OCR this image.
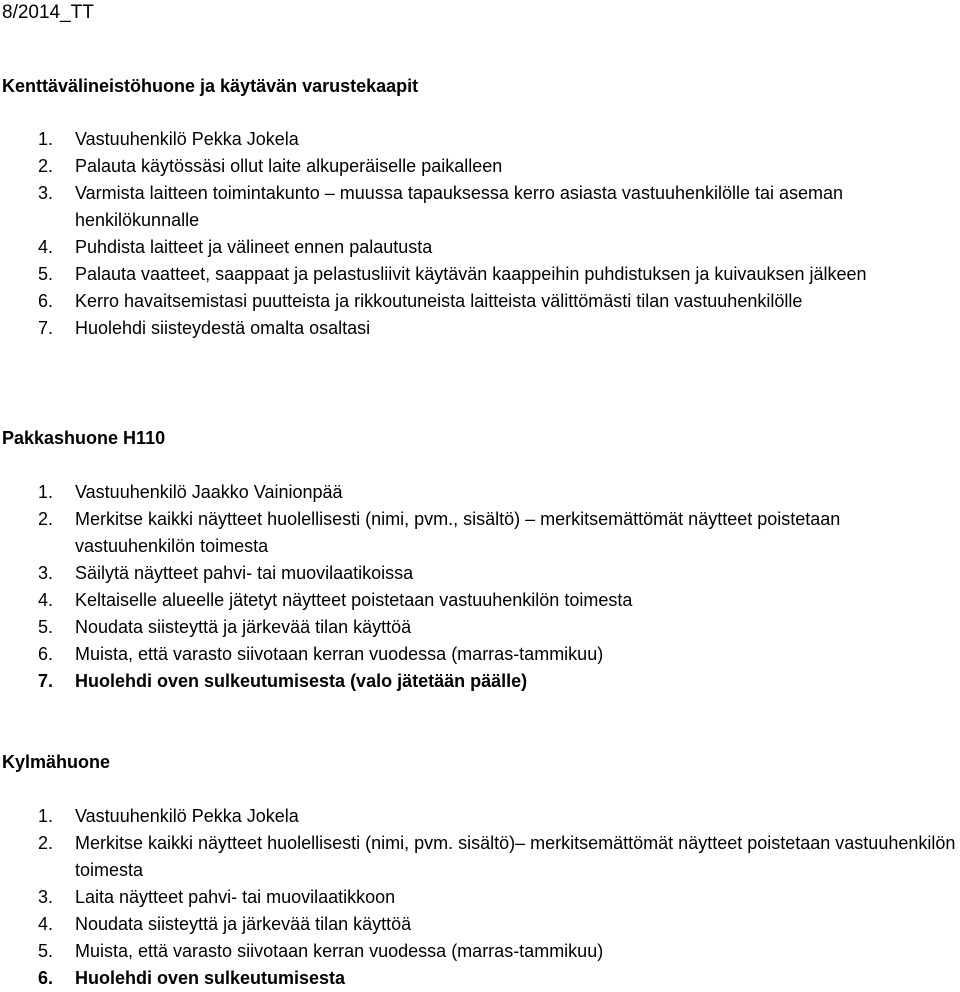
8/2014_TT
Kenttävälineistöhuone ja käytävän varustekaapit
1. Vastuuhenkilö Pekka Jokela
2. Palauta käytössäsi ollut laite alkuperäiselle paikalleen
3. Varmista laitteen toimintakunto – muussa tapauksessa kerro asiasta vastuuhenkilölle tai aseman henkilökunnalle
4. Puhdista laitteet ja välineet ennen palautusta
5. Palauta vaatteet, saappaat ja pelastusliivit käytävän kaappeihin puhdistuksen ja kuivauksen jälkeen
6. Kerro havaitsemistasi puutteista ja rikkoutuneista laitteista välittömästi tilan vastuuhenkilölle
7. Huolehdi siisteydestä omalta osaltasi
Pakkashuone H110
1. Vastuuhenkilö Jaakko Vainionpää
2. Merkitse kaikki näytteet huolellisesti (nimi, pvm., sisältö) – merkitsemättömät näytteet poistetaan vastuuhenkilön toimesta
3. Säilytä näytteet pahvi- tai muovilaatikoissa
4. Keltaiselle alueelle jätetyt näytteet poistetaan vastuuhenkilön toimesta
5. Noudata siisteyttä ja järkevää tilan käyttöä
6. Muista, että varasto siivotaan kerran vuodessa (marras-tammikuu)
7. Huolehdi oven sulkeutumisesta (valo jätetään päälle)
Kylmähuone
1. Vastuuhenkilö Pekka Jokela
2. Merkitse kaikki näytteet huolellisesti (nimi, pvm. sisältö)– merkitsemättömät näytteet poistetaan vastuuhenkilön toimesta
3. Laita näytteet pahvi- tai muovilaatikkoon
4. Noudata siisteyttä ja järkevää tilan käyttöä
5. Muista, että varasto siivotaan kerran vuodessa (marras-tammikuu)
6. Huolehdi oven sulkeutumisesta
